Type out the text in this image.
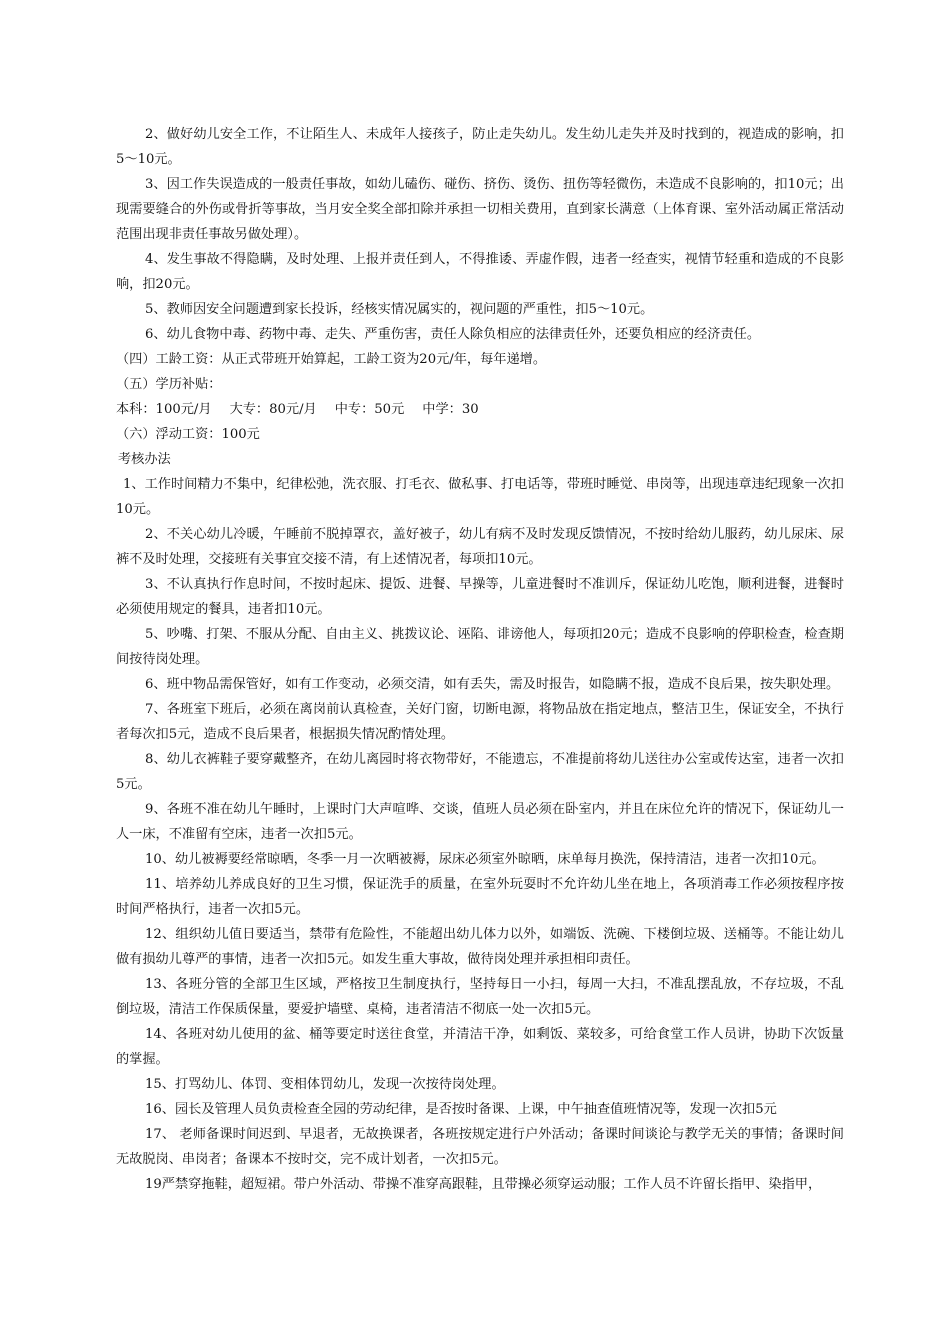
2、做好幼儿安全工作，不让陌生人、未成年人接孩子，防止走失幼儿。发生幼儿走失并及时找到的，视造成的影响，扣5～10元。

3、因工作失误造成的一般责任事故，如幼儿磕伤、碰伤、挤伤、烫伤、扭伤等轻微伤，未造成不良影响的，扣10元；出现需要缝合的外伤或骨折等事故，当月安全奖全部扣除并承担一切相关费用，直到家长满意（上体育课、室外活动属正常活动范围出现非责任事故另做处理）。

4、发生事故不得隐瞒，及时处理、上报并责任到人，不得推诿、弄虚作假，违者一经查实，视情节轻重和造成的不良影响，扣20元。

5、教师因安全问题遭到家长投诉，经核实情况属实的，视问题的严重性，扣5～10元。

6、幼儿食物中毒、药物中毒、走失、严重伤害，责任人除负相应的法律责任外，还要负相应的经济责任。

（四）工龄工资：从正式带班开始算起，工龄工资为20元/年，每年递增。

（五）学历补贴：

本科：100元/月 大专：80元/月 中专：50元 中学：30

（六）浮动工资：100元

考核办法

1、工作时间精力不集中，纪律松弛，洗衣服、打毛衣、做私事、打电话等，带班时睡觉、串岗等，出现违章违纪现象一次扣10元。

2、不关心幼儿冷暖，午睡前不脱掉罩衣，盖好被子，幼儿有病不及时发现反馈情况，不按时给幼儿服药，幼儿尿床、尿裤不及时处理，交接班有关事宜交接不清，有上述情况者，每项扣10元。

3、不认真执行作息时间，不按时起床、提饭、进餐、早操等，儿童进餐时不准训斥，保证幼儿吃饱，顺利进餐，进餐时必须使用规定的餐具，违者扣10元。

5、吵嘴、打架、不服从分配、自由主义、挑拨议论、诬陷、诽谤他人，每项扣20元；造成不良影响的停职检查，检查期间按待岗处理。

6、班中物品需保管好，如有工作变动，必须交清，如有丢失，需及时报告，如隐瞒不报，造成不良后果，按失职处理。

7、各班室下班后，必须在离岗前认真检查，关好门窗，切断电源，将物品放在指定地点，整洁卫生，保证安全，不执行者每次扣5元，造成不良后果者，根据损失情况酌情处理。

8、幼儿衣裤鞋子要穿戴整齐，在幼儿离园时将衣物带好，不能遗忘，不准提前将幼儿送往办公室或传达室，违者一次扣5元。

9、各班不准在幼儿午睡时，上课时门大声喧哗、交谈，值班人员必须在卧室内，并且在床位允许的情况下，保证幼儿一人一床，不准留有空床，违者一次扣5元。

10、幼儿被褥要经常晾晒，冬季一月一次晒被褥，尿床必须室外晾晒，床单每月换洗，保持清洁，违者一次扣10元。

11、培养幼儿养成良好的卫生习惯，保证洗手的质量，在室外玩耍时不允许幼儿坐在地上，各项消毒工作必须按程序按时间严格执行，违者一次扣5元。

12、组织幼儿值日要适当，禁带有危险性，不能超出幼儿体力以外，如端饭、洗碗、下楼倒垃圾、送桶等。不能让幼儿做有损幼儿尊严的事情，违者一次扣5元。如发生重大事故，做待岗处理并承担相印责任。

13、各班分管的全部卫生区域，严格按卫生制度执行，坚持每日一小扫，每周一大扫，不准乱摆乱放，不存垃圾，不乱倒垃圾，清洁工作保质保量，要爱护墙壁、桌椅，违者清洁不彻底一处一次扣5元。

14、各班对幼儿使用的盆、桶等要定时送往食堂，并清洁干净，如剩饭、菜较多，可给食堂工作人员讲，协助下次饭量的掌握。

15、打骂幼儿、体罚、变相体罚幼儿，发现一次按待岗处理。

16、园长及管理人员负责检查全园的劳动纪律，是否按时备课、上课，中午抽查值班情况等，发现一次扣5元

17、 老师备课时间迟到、早退者，无故换课者，各班按规定进行户外活动；备课时间谈论与教学无关的事情；备课时间无故脱岗、串岗者；备课本不按时交，完不成计划者，一次扣5元。

19严禁穿拖鞋，超短裙。带户外活动、带操不准穿高跟鞋，且带操必须穿运动服；工作人员不许留长指甲、染指甲，
